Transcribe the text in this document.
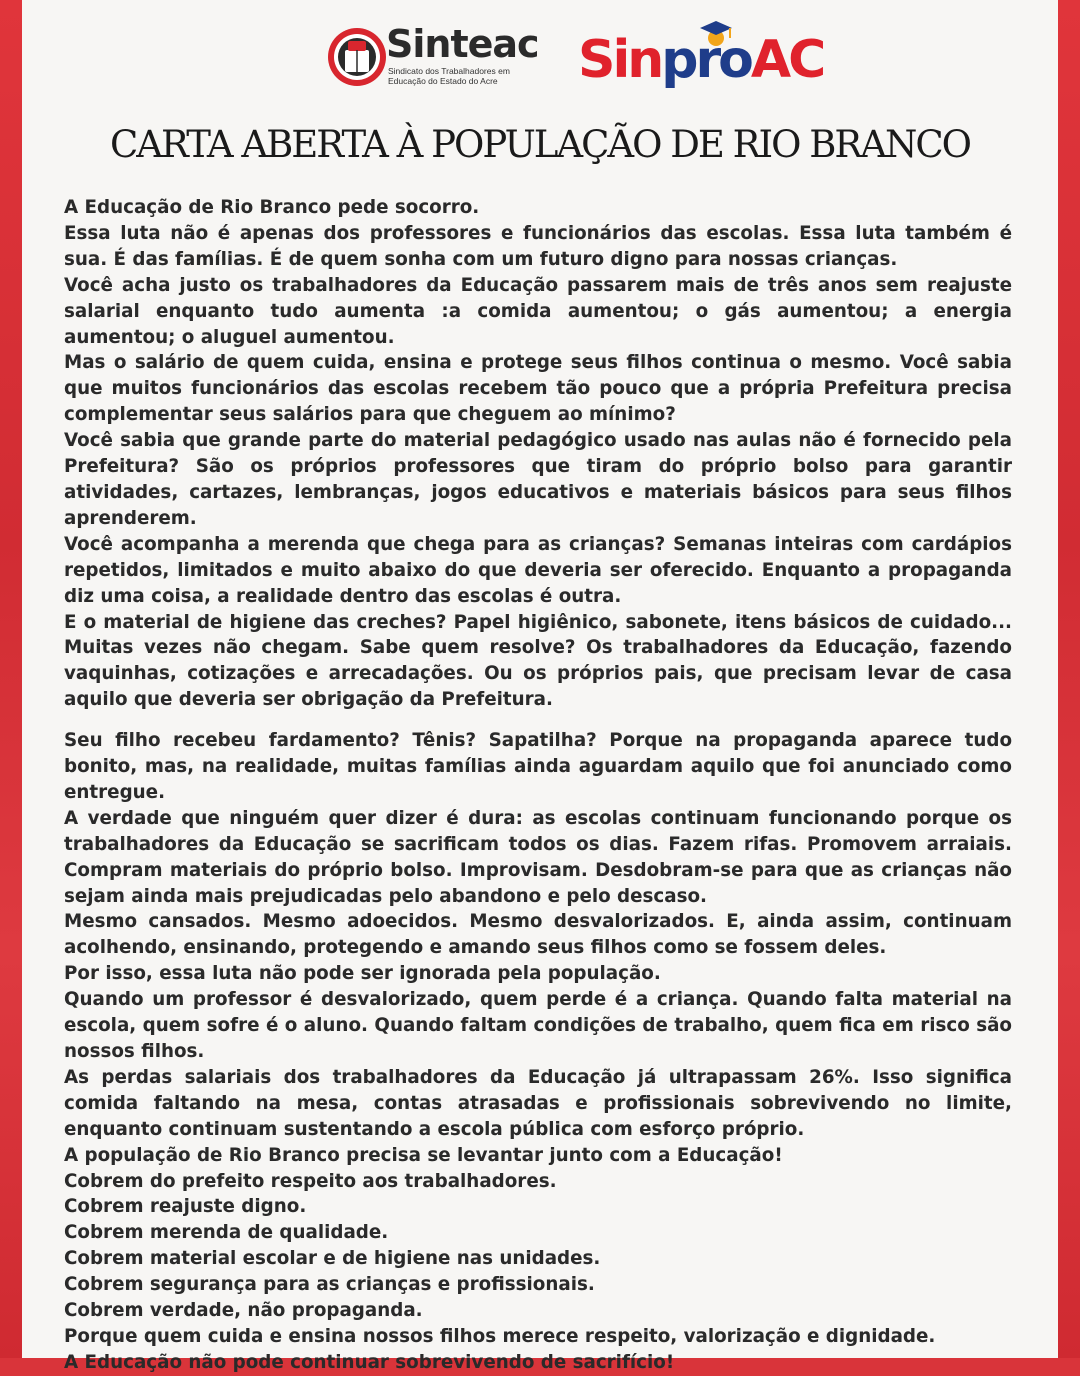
Sinteac
Sindicato dos Trabalhadores em
Educação do Estado do Acre	SinproAC
CARTA ABERTA À POPULAÇÃO DE RIO BRANCO

A Educação de Rio Branco pede socorro.

Essa luta não é apenas dos professores e funcionários das escolas. Essa luta também é sua. É das famílias. É de quem sonha com um futuro digno para nossas crianças.

Você acha justo os trabalhadores da Educação passarem mais de três anos sem reajuste salarial enquanto tudo aumenta :a comida aumentou; o gás aumentou; a energia aumentou; o aluguel aumentou.

Mas o salário de quem cuida, ensina e protege seus filhos continua o mesmo. Você sabia que muitos funcionários das escolas recebem tão pouco que a própria Prefeitura precisa complementar seus salários para que cheguem ao mínimo?

Você sabia que grande parte do material pedagógico usado nas aulas não é fornecido pela Prefeitura? São os próprios professores que tiram do próprio bolso para garantir atividades, cartazes, lembranças, jogos educativos e materiais básicos para seus filhos aprenderem.

Você acompanha a merenda que chega para as crianças? Semanas inteiras com cardápios repetidos, limitados e muito abaixo do que deveria ser oferecido. Enquanto a propaganda diz uma coisa, a realidade dentro das escolas é outra.

E o material de higiene das creches? Papel higiênico, sabonete, itens básicos de cuidado... Muitas vezes não chegam. Sabe quem resolve? Os trabalhadores da Educação, fazendo vaquinhas, cotizações e arrecadações. Ou os próprios pais, que precisam levar de casa aquilo que deveria ser obrigação da Prefeitura.

Seu filho recebeu fardamento? Tênis? Sapatilha? Porque na propaganda aparece tudo bonito, mas, na realidade, muitas famílias ainda aguardam aquilo que foi anunciado como entregue.

A verdade que ninguém quer dizer é dura: as escolas continuam funcionando porque os trabalhadores da Educação se sacrificam todos os dias. Fazem rifas. Promovem arraiais. Compram materiais do próprio bolso. Improvisam. Desdobram-se para que as crianças não sejam ainda mais prejudicadas pelo abandono e pelo descaso.

Mesmo cansados. Mesmo adoecidos. Mesmo desvalorizados. E, ainda assim, continuam acolhendo, ensinando, protegendo e amando seus filhos como se fossem deles.

Por isso, essa luta não pode ser ignorada pela população.

Quando um professor é desvalorizado, quem perde é a criança. Quando falta material na escola, quem sofre é o aluno. Quando faltam condições de trabalho, quem fica em risco são nossos filhos.

As perdas salariais dos trabalhadores da Educação já ultrapassam 26%. Isso significa comida faltando na mesa, contas atrasadas e profissionais sobrevivendo no limite, enquanto continuam sustentando a escola pública com esforço próprio.

A população de Rio Branco precisa se levantar junto com a Educação!

Cobrem do prefeito respeito aos trabalhadores.

Cobrem reajuste digno.

Cobrem merenda de qualidade.

Cobrem material escolar e de higiene nas unidades.

Cobrem segurança para as crianças e profissionais.

Cobrem verdade, não propaganda.

Porque quem cuida e ensina nossos filhos merece respeito, valorização e dignidade.

A Educação não pode continuar sobrevivendo de sacrifício!
